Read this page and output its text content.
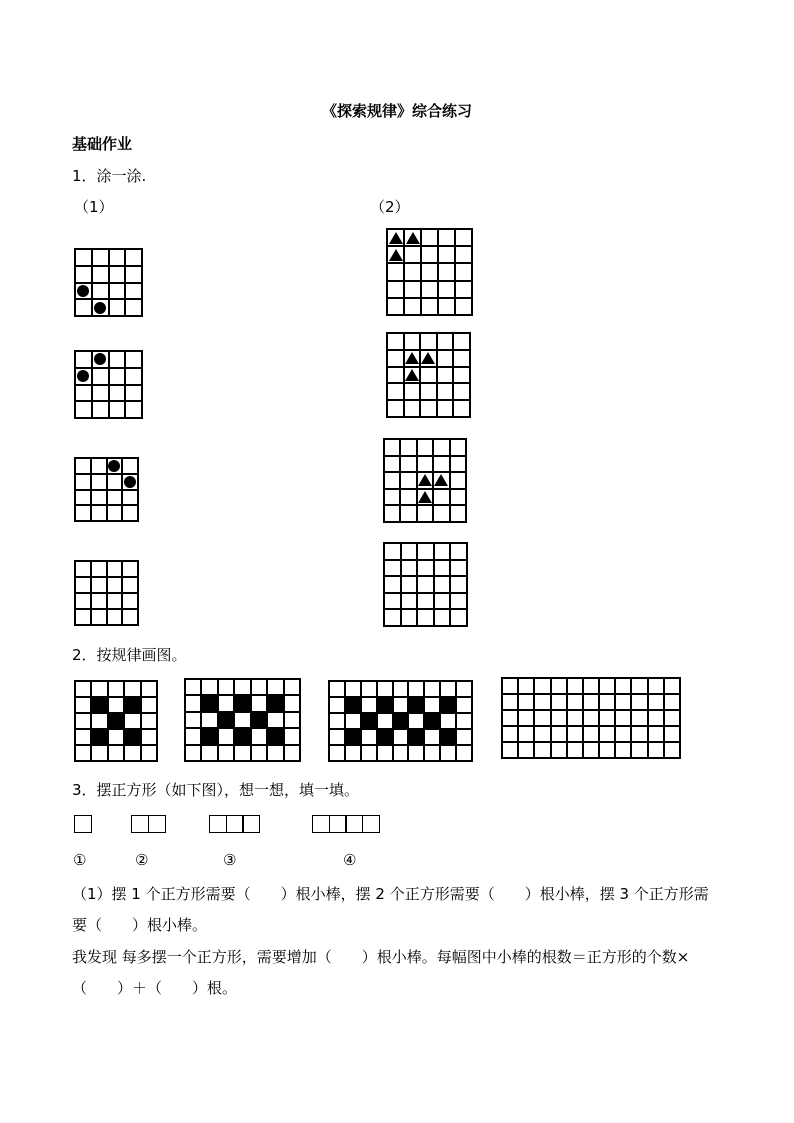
《探索规律》综合练习
基础作业
1．涂一涂.
（1）	（2）
2．按规律画图。
3．摆正方形（如下图），想一想，填一填。
①	②	③	④
（1）摆 1 个正方形需要（　　）根小棒，摆 2 个正方形需要（　　）根小棒，摆 3 个正方形需
要（　　）根小棒。
我发现 每多摆一个正方形，需要增加（　　）根小棒。每幅图中小棒的根数＝正方形的个数×
（　　）＋（　　）根。
